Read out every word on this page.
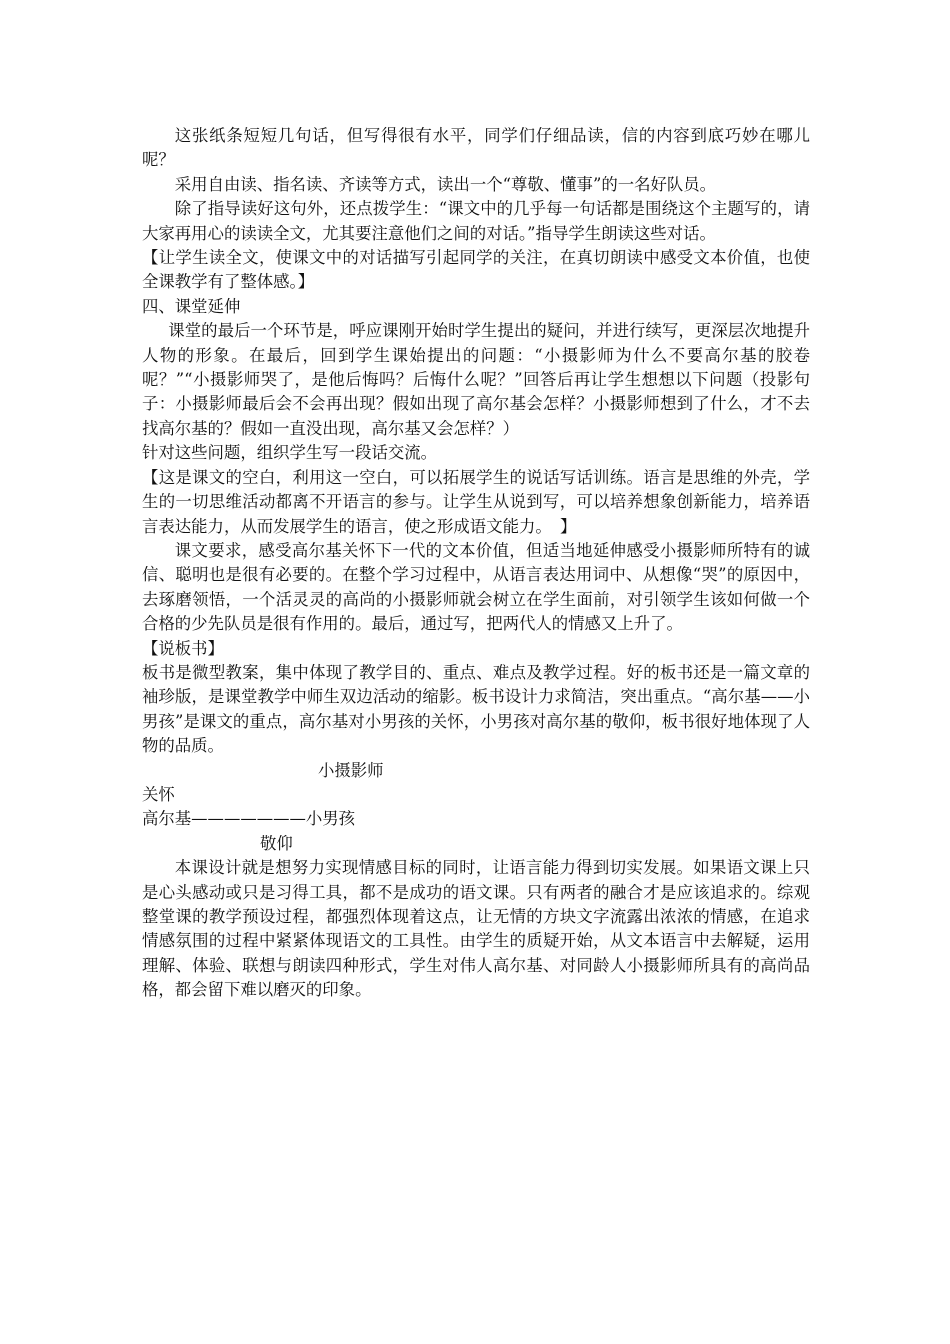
这张纸条短短几句话，但写得很有水平，同学们仔细品读，信的内容到底巧妙在哪儿呢？

采用自由读、指名读、齐读等方式，读出一个“尊敬、懂事”的一名好队员。

除了指导读好这句外，还点拨学生：“课文中的几乎每一句话都是围绕这个主题写的，请大家再用心的读读全文，尤其要注意他们之间的对话。”指导学生朗读这些对话。

【让学生读全文，使课文中的对话描写引起同学的关注，在真切朗读中感受文本价值，也使全课教学有了整体感。】

四、课堂延伸

课堂的最后一个环节是，呼应课刚开始时学生提出的疑问，并进行续写，更深层次地提升人物的形象。在最后，回到学生课始提出的问题：“小摄影师为什么不要高尔基的胶卷呢？”“小摄影师哭了，是他后悔吗？后悔什么呢？”回答后再让学生想想以下问题（投影句子：小摄影师最后会不会再出现？假如出现了高尔基会怎样？小摄影师想到了什么，才不去找高尔基的？假如一直没出现，高尔基又会怎样？）

针对这些问题，组织学生写一段话交流。

【这是课文的空白，利用这一空白，可以拓展学生的说话写话训练。语言是思维的外壳，学生的一切思维活动都离不开语言的参与。让学生从说到写，可以培养想象创新能力，培养语言表达能力，从而发展学生的语言，使之形成语文能力。　】

课文要求，感受高尔基关怀下一代的文本价值，但适当地延伸感受小摄影师所特有的诚信、聪明也是很有必要的。在整个学习过程中，从语言表达用词中、从想像“哭”的原因中，去琢磨领悟，一个活灵灵的高尚的小摄影师就会树立在学生面前，对引领学生该如何做一个合格的少先队员是很有作用的。最后，通过写，把两代人的情感又上升了。

【说板书】

板书是微型教案，集中体现了教学目的、重点、难点及教学过程。好的板书还是一篇文章的袖珍版，是课堂教学中师生双边活动的缩影。板书设计力求简洁，突出重点。“高尔基——小男孩”是课文的重点，高尔基对小男孩的关怀，小男孩对高尔基的敬仰，板书很好地体现了人物的品质。

小摄影师

关怀

高尔基———————小男孩

敬仰

本课设计就是想努力实现情感目标的同时，让语言能力得到切实发展。如果语文课上只是心头感动或只是习得工具，都不是成功的语文课。只有两者的融合才是应该追求的。综观整堂课的教学预设过程，都强烈体现着这点，让无情的方块文字流露出浓浓的情感，在追求情感氛围的过程中紧紧体现语文的工具性。由学生的质疑开始，从文本语言中去解疑，运用理解、体验、联想与朗读四种形式，学生对伟人高尔基、对同龄人小摄影师所具有的高尚品格，都会留下难以磨灭的印象。
